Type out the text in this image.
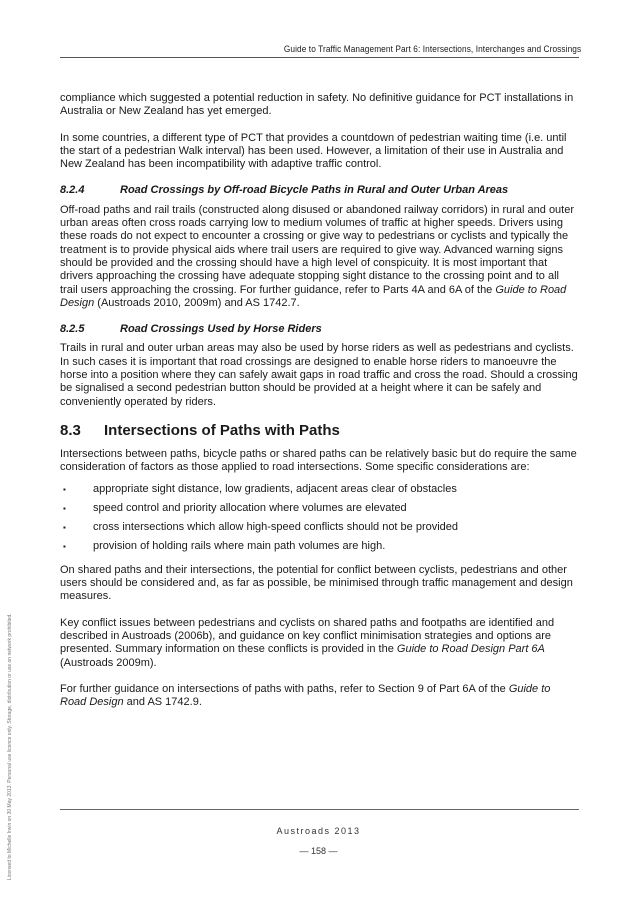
Guide to Traffic Management Part 6: Intersections, Interchanges and Crossings
Licensed to Michelle Irwin on 30 May 2013. Personal use licence only. Storage, distribution or use on network prohibited.

compliance which suggested a potential reduction in safety. No definitive guidance for PCT installations in Australia or New Zealand has yet emerged.

In some countries, a different type of PCT that provides a countdown of pedestrian waiting time (i.e. until the start of a pedestrian Walk interval) has been used. However, a limitation of their use in Australia and New Zealand has been incompatibility with adaptive traffic control.

8.2.4	Road Crossings by Off-road Bicycle Paths in Rural and Outer Urban Areas

Off-road paths and rail trails (constructed along disused or abandoned railway corridors) in rural and outer urban areas often cross roads carrying low to medium volumes of traffic at higher speeds. Drivers using these roads do not expect to encounter a crossing or give way to pedestrians or cyclists and typically the treatment is to provide physical aids where trail users are required to give way. Advanced warning signs should be provided and the crossing should have a high level of conspicuity. It is most important that drivers approaching the crossing have adequate stopping sight distance to the crossing point and to all trail users approaching the crossing. For further guidance, refer to Parts 4A and 6A of the Guide to Road Design (Austroads 2010, 2009m) and AS 1742.7.

8.2.5	Road Crossings Used by Horse Riders

Trails in rural and outer urban areas may also be used by horse riders as well as pedestrians and cyclists. In such cases it is important that road crossings are designed to enable horse riders to manoeuvre the horse into a position where they can safely await gaps in road traffic and cross the road. Should a crossing be signalised a second pedestrian button should be provided at a height where it can be safely and conveniently operated by riders.

8.3	Intersections of Paths with Paths

Intersections between paths, bicycle paths or shared paths can be relatively basic but do require the same consideration of factors as those applied to road intersections. Some specific considerations are:

▪	appropriate sight distance, low gradients, adjacent areas clear of obstacles
▪	speed control and priority allocation where volumes are elevated
▪	cross intersections which allow high-speed conflicts should not be provided
▪	provision of holding rails where main path volumes are high.

On shared paths and their intersections, the potential for conflict between cyclists, pedestrians and other users should be considered and, as far as possible, be minimised through traffic management and design measures.

Key conflict issues between pedestrians and cyclists on shared paths and footpaths are identified and described in Austroads (2006b), and guidance on key conflict minimisation strategies and options are presented. Summary information on these conflicts is provided in the Guide to Road Design Part 6A (Austroads 2009m).

For further guidance on intersections of paths with paths, refer to Section 9 of Part 6A of the Guide to Road Design and AS 1742.9.

Austroads 2013
— 158 —
